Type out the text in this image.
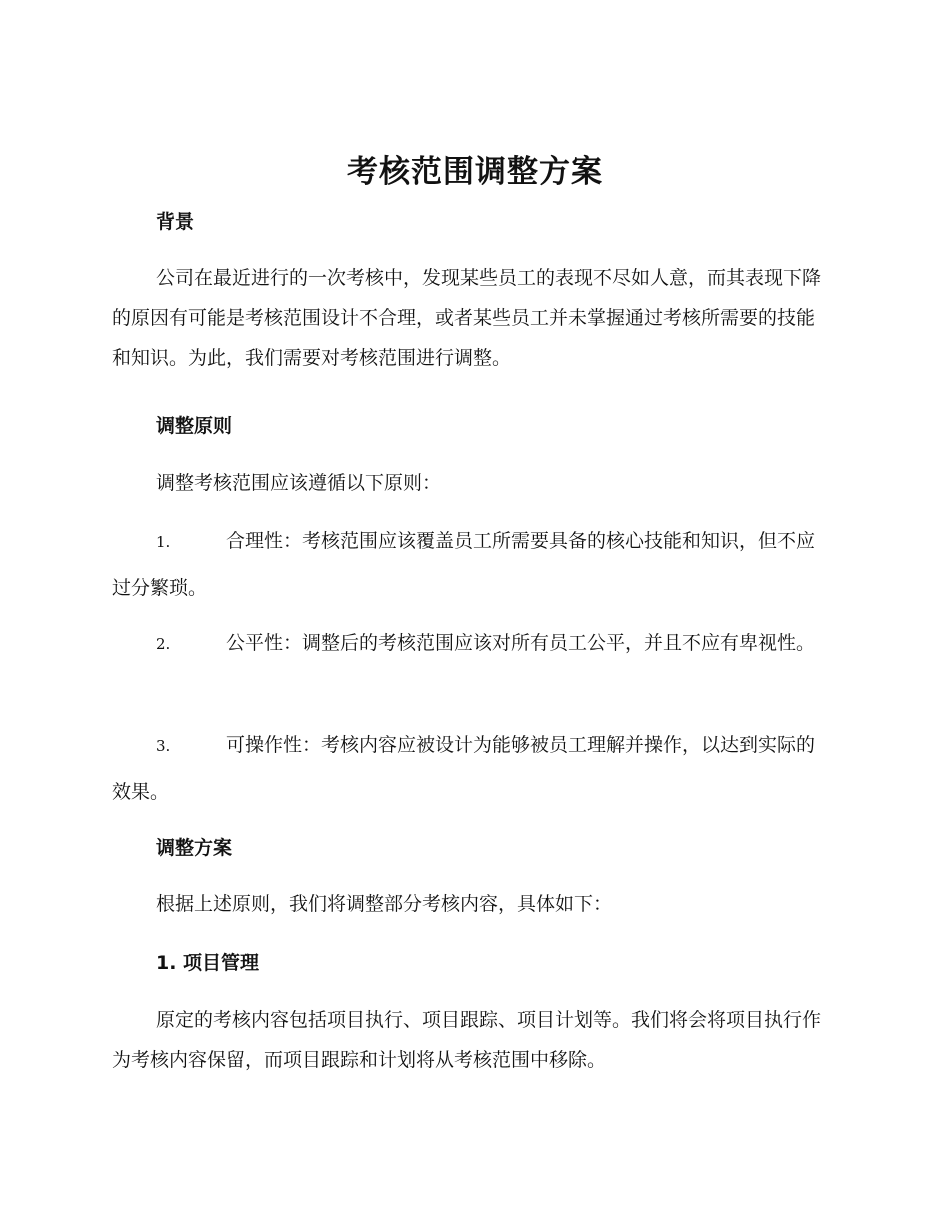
考核范围调整方案
背景
公司在最近进行的一次考核中，发现某些员工的表现不尽如人意，而其表现下降的原因有可能是考核范围设计不合理，或者某些员工并未掌握通过考核所需要的技能和知识。为此，我们需要对考核范围进行调整。
调整原则
调整考核范围应该遵循以下原则：
1.	合理性：考核范围应该覆盖员工所需要具备的核心技能和知识，但不应过分繁琐。
2.	公平性：调整后的考核范围应该对所有员工公平，并且不应有卑视性。
3.	可操作性：考核内容应被设计为能够被员工理解并操作，以达到实际的效果。
调整方案
根据上述原则，我们将调整部分考核内容，具体如下：
1. 项目管理
原定的考核内容包括项目执行、项目跟踪、项目计划等。我们将会将项目执行作为考核内容保留，而项目跟踪和计划将从考核范围中移除。
